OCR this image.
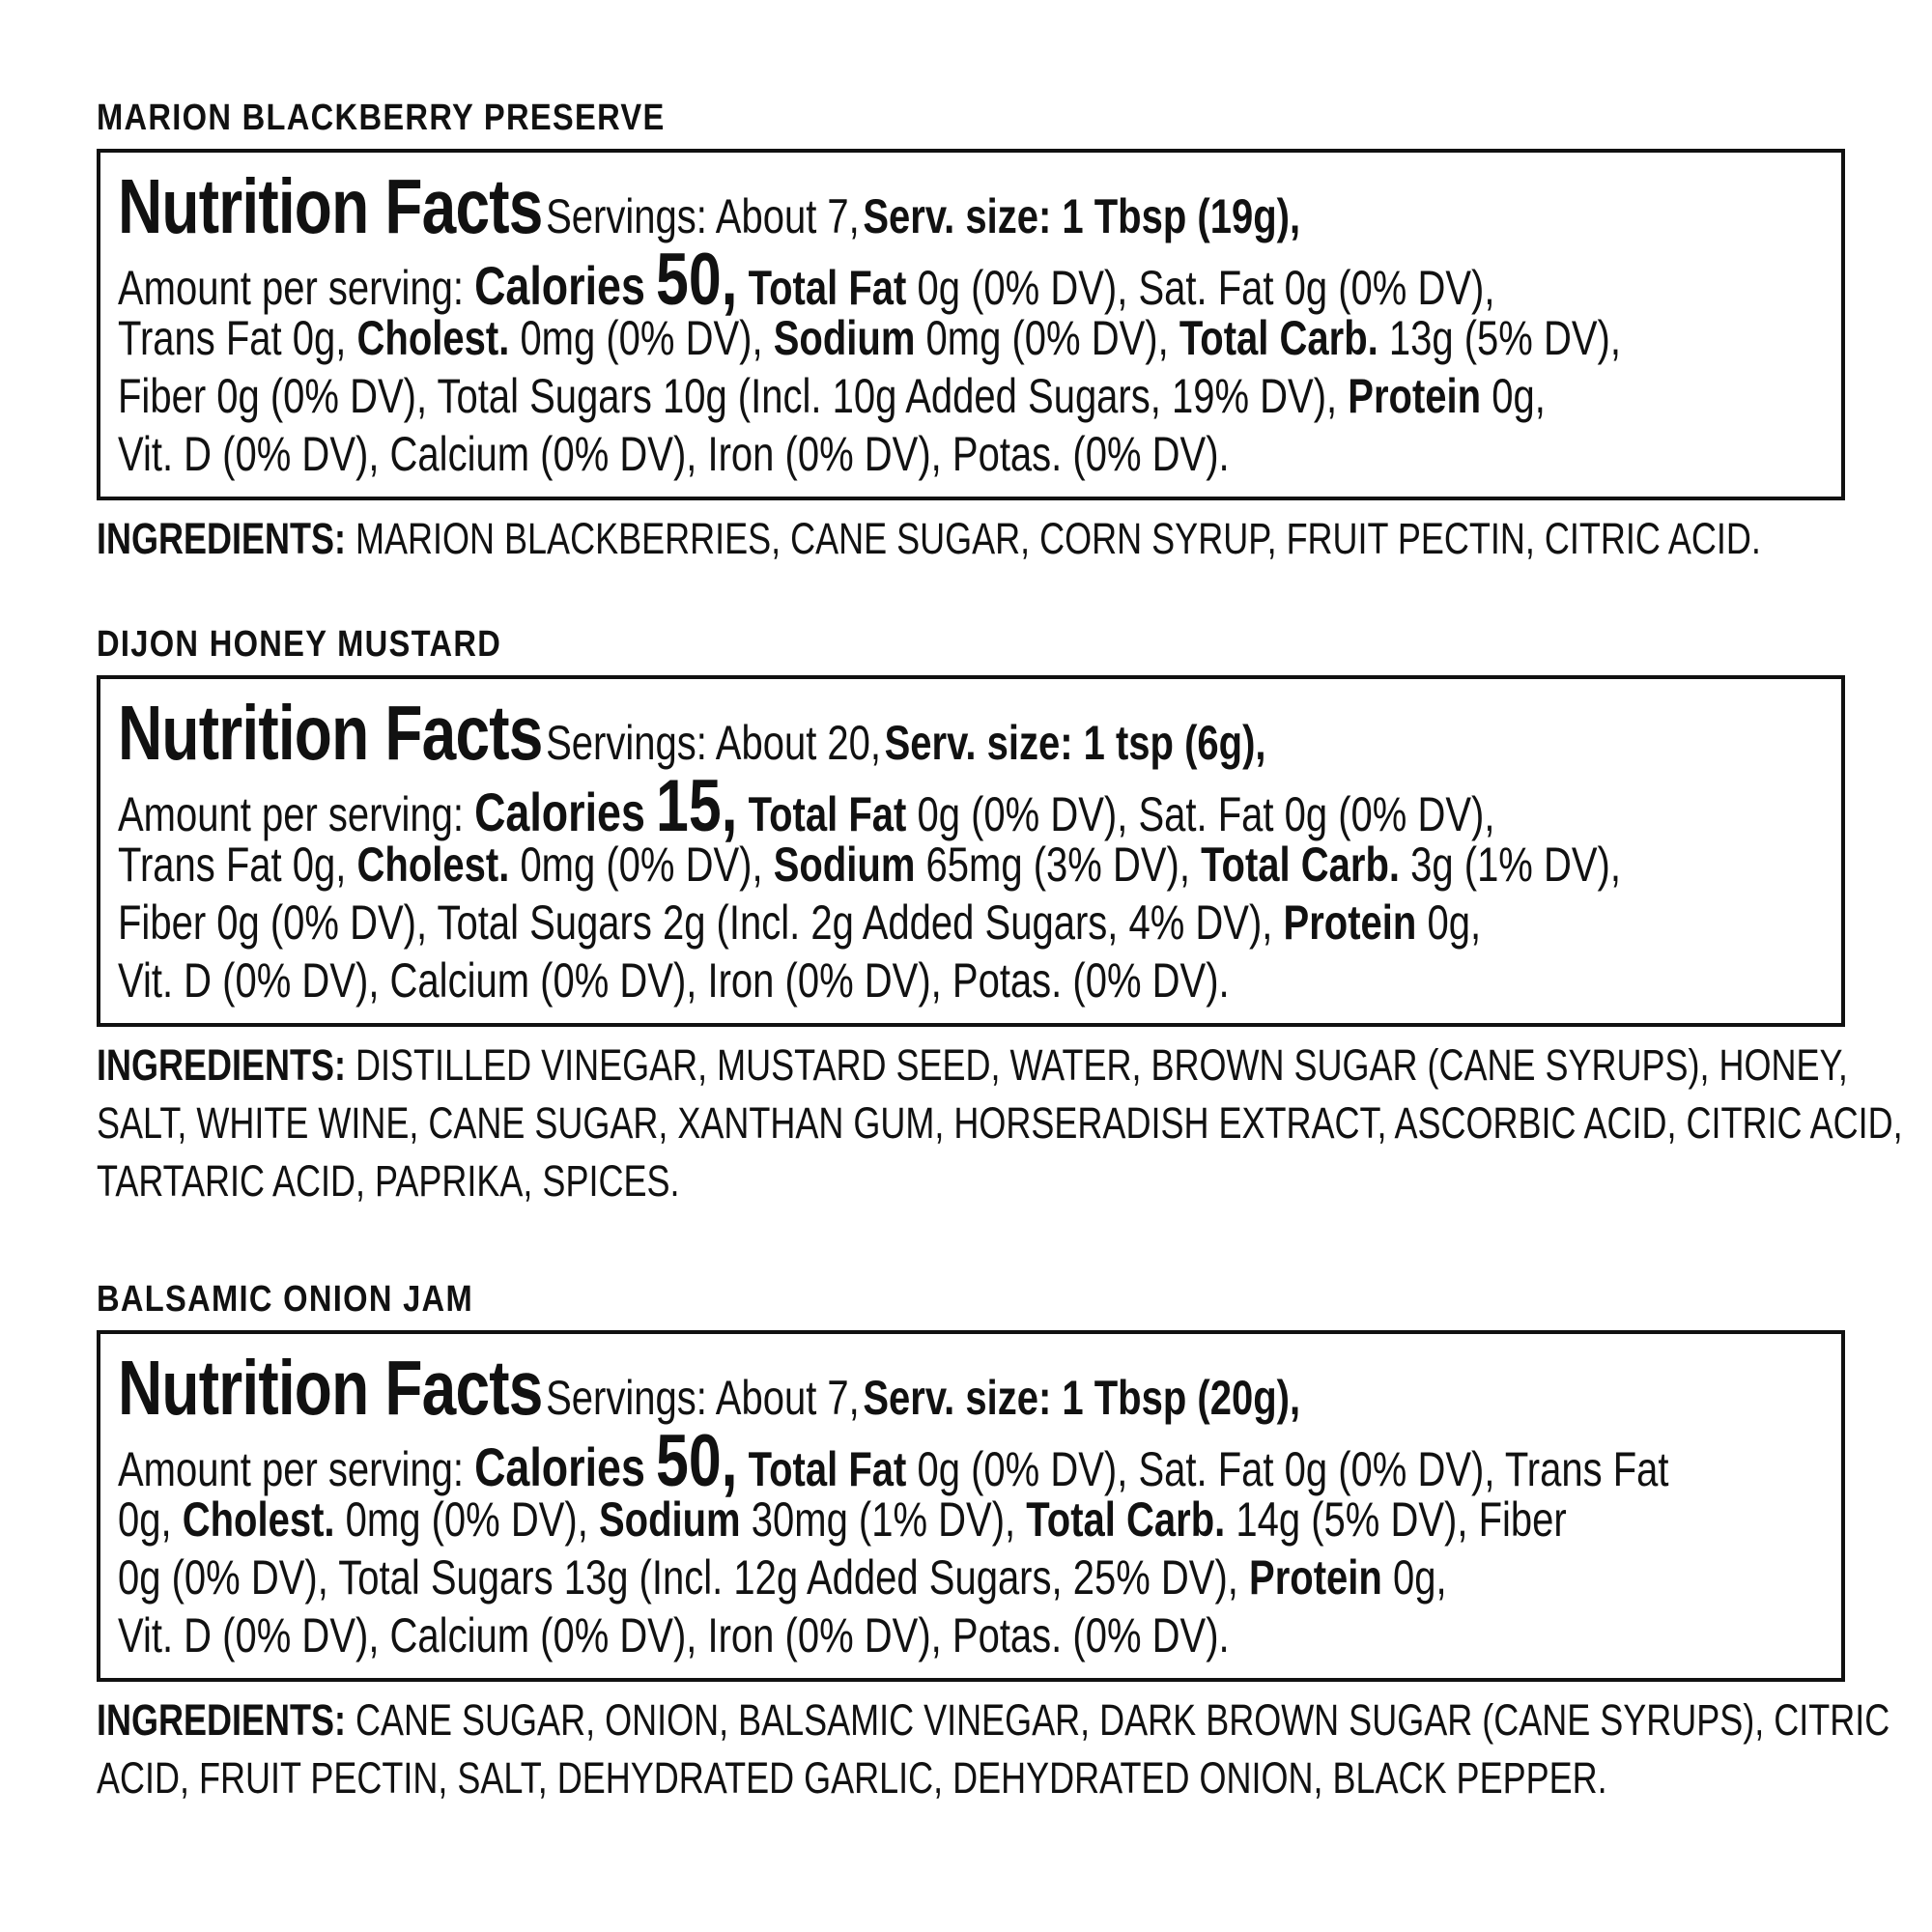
MARION BLACKBERRY PRESERVE
Nutrition Facts Servings: About 7, Serv. size: 1 Tbsp (19g),
Amount per serving: Calories 50, Total Fat 0g (0% DV), Sat. Fat 0g (0% DV),
Trans Fat 0g, Cholest. 0mg (0% DV), Sodium 0mg (0% DV), Total Carb. 13g (5% DV),
Fiber 0g (0% DV), Total Sugars 10g (Incl. 10g Added Sugars, 19% DV), Protein 0g,
Vit. D (0% DV), Calcium (0% DV), Iron (0% DV), Potas. (0% DV).
INGREDIENTS: MARION BLACKBERRIES, CANE SUGAR, CORN SYRUP, FRUIT PECTIN, CITRIC ACID.
DIJON HONEY MUSTARD
Nutrition Facts Servings: About 20, Serv. size: 1 tsp (6g),
Amount per serving: Calories 15, Total Fat 0g (0% DV), Sat. Fat 0g (0% DV),
Trans Fat 0g, Cholest. 0mg (0% DV), Sodium 65mg (3% DV), Total Carb. 3g (1% DV),
Fiber 0g (0% DV), Total Sugars 2g (Incl. 2g Added Sugars, 4% DV), Protein 0g,
Vit. D (0% DV), Calcium (0% DV), Iron (0% DV), Potas. (0% DV).
INGREDIENTS: DISTILLED VINEGAR, MUSTARD SEED, WATER, BROWN SUGAR (CANE SYRUPS), HONEY,
SALT, WHITE WINE, CANE SUGAR, XANTHAN GUM, HORSERADISH EXTRACT, ASCORBIC ACID, CITRIC ACID,
TARTARIC ACID, PAPRIKA, SPICES.
BALSAMIC ONION JAM
Nutrition Facts Servings: About 7, Serv. size: 1 Tbsp (20g),
Amount per serving: Calories 50, Total Fat 0g (0% DV), Sat. Fat 0g (0% DV), Trans Fat
0g, Cholest. 0mg (0% DV), Sodium 30mg (1% DV), Total Carb. 14g (5% DV), Fiber
0g (0% DV), Total Sugars 13g (Incl. 12g Added Sugars, 25% DV), Protein 0g,
Vit. D (0% DV), Calcium (0% DV), Iron (0% DV), Potas. (0% DV).
INGREDIENTS: CANE SUGAR, ONION, BALSAMIC VINEGAR, DARK BROWN SUGAR (CANE SYRUPS), CITRIC
ACID, FRUIT PECTIN, SALT, DEHYDRATED GARLIC, DEHYDRATED ONION, BLACK PEPPER.
